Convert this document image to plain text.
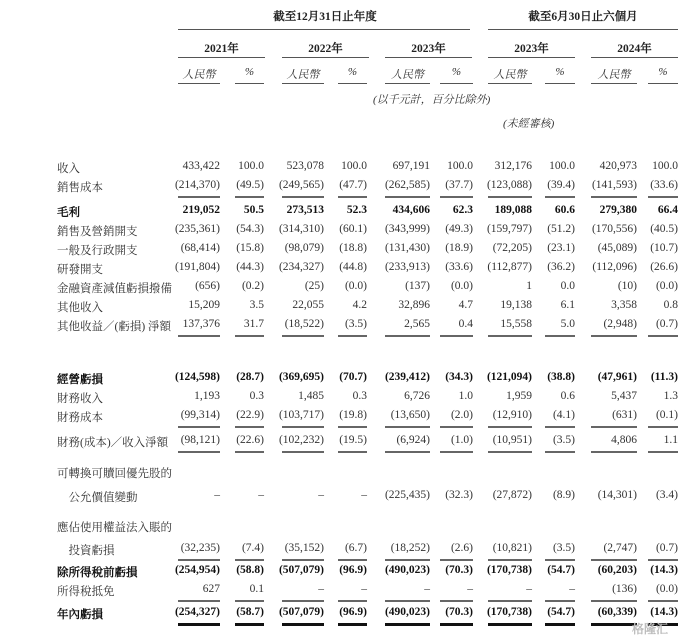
截至12月31日止年度	截至6月30日止六個月
2021年	2022年	2023年	2023年	2024年
人民幣	%	人民幣	%	人民幣	%	人民幣	%	人民幣	%
(以千元計，百分比除外)
(未經審核)
收入	433,422	100.0	523,078	100.0	697,191	100.0	312,176	100.0	420,973	100.0
銷售成本	(214,370)	(49.5)	(249,565)	(47.7)	(262,585)	(37.7)	(123,088)	(39.4)	(141,593)	(33.6)
毛利	219,052	50.5	273,513	52.3	434,606	62.3	189,088	60.6	279,380	66.4
銷售及營銷開支	(235,361)	(54.3)	(314,310)	(60.1)	(343,999)	(49.3)	(159,797)	(51.2)	(170,556)	(40.5)
一般及行政開支	(68,414)	(15.8)	(98,079)	(18.8)	(131,430)	(18.9)	(72,205)	(23.1)	(45,089)	(10.7)
研發開支	(191,804)	(44.3)	(234,327)	(44.8)	(233,913)	(33.6)	(112,877)	(36.2)	(112,096)	(26.6)
金融資產減值虧損撥備	(656)	(0.2)	(25)	(0.0)	(137)	(0.0)	1	0.0	(10)	(0.0)
其他收入	15,209	3.5	22,055	4.2	32,896	4.7	19,138	6.1	3,358	0.8
其他收益／(虧損) 淨額	137,376	31.7	(18,522)	(3.5)	2,565	0.4	15,558	5.0	(2,948)	(0.7)
經營虧損	(124,598)	(28.7)	(369,695)	(70.7)	(239,412)	(34.3)	(121,094)	(38.8)	(47,961)	(11.3)
財務收入	1,193	0.3	1,485	0.3	6,726	1.0	1,959	0.6	5,437	1.3
財務成本	(99,314)	(22.9)	(103,717)	(19.8)	(13,650)	(2.0)	(12,910)	(4.1)	(631)	(0.1)
財務(成本)／收入淨額	(98,121)	(22.6)	(102,232)	(19.5)	(6,924)	(1.0)	(10,951)	(3.5)	4,806	1.1
可轉換可贖回優先股的
　公允價值變動	–	–	–	–	(225,435)	(32.3)	(27,872)	(8.9)	(14,301)	(3.4)
應佔使用權益法入賬的
　投資虧損	(32,235)	(7.4)	(35,152)	(6.7)	(18,252)	(2.6)	(10,821)	(3.5)	(2,747)	(0.7)
除所得稅前虧損	(254,954)	(58.8)	(507,079)	(96.9)	(490,023)	(70.3)	(170,738)	(54.7)	(60,203)	(14.3)
所得稅抵免	627	0.1	–	–	–	–	–	–	(136)	(0.0)
年內虧損	(254,327)	(58.7)	(507,079)	(96.9)	(490,023)	(70.3)	(170,738)	(54.7)	(60,339)	(14.3)
格隆汇
